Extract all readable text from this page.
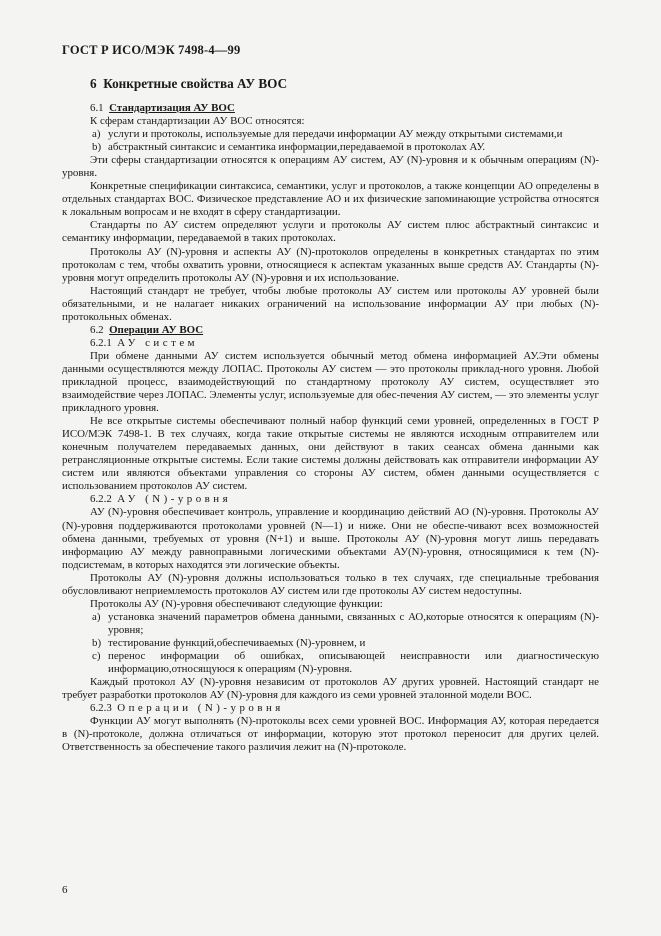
ГОСТ Р ИСО/МЭК 7498-4—99
6 Конкретные свойства АУ ВОС
6.1 Стандартизация АУ ВОС
К сферам стандартизации АУ ВОС относятся:
а) услуги и протоколы, используемые для передачи информации АУ между открытыми системами,и
b) абстрактный синтаксис и семантика информации,передаваемой в протоколах АУ.
Эти сферы стандартизации относятся к операциям АУ систем, АУ (N)-уровня и к обычным операциям (N)-уровня.
Конкретные спецификации синтаксиса, семантики, услуг и протоколов, а также концепции АО определены в отдельных стандартах ВОС. Физическое представление АО и их физические запоминающие устройства относятся к локальным вопросам и не входят в сферу стандартизации.
Стандарты по АУ систем определяют услуги и протоколы АУ систем плюс абстрактный синтаксис и семантику информации, передаваемой в таких протоколах.
Протоколы АУ (N)-уровня и аспекты АУ (N)-протоколов определены в конкретных стандартах по этим протоколам с тем, чтобы охватить уровни, относящиеся к аспектам указанных выше средств АУ. Стандарты (N)-уровня могут определить протоколы АУ (N)-уровня и их использование.
Настоящий стандарт не требует, чтобы любые протоколы АУ систем или протоколы АУ уровней были обязательными, и не налагает никаких ограничений на использование информации АУ при любых (N)-протокольных обменах.
6.2 Операции АУ ВОС
6.2.1 АУ систем
При обмене данными АУ систем используется обычный метод обмена информацией АУ.Эти обмены данными осуществляются между ЛОПАС. Протоколы АУ систем — это протоколы приклад-ного уровня. Любой прикладной процесс, взаимодействующий по стандартному протоколу АУ систем, осуществляет это взаимодействие через ЛОПАС. Элементы услуг, используемые для обес-печения АУ систем, — это элементы услуг прикладного уровня.
Не все открытые системы обеспечивают полный набор функций семи уровней, определенных в ГОСТ Р ИСО/МЭК 7498-1. В тех случаях, когда такие открытые системы не являются исходным отправителем или конечным получателем передаваемых данных, они действуют в таких сеансах обмена данными как ретрансляционные открытые системы. Если такие системы должны действовать как отправители информации АУ систем или являются объектами управления со стороны АУ систем, обмен данными осуществляется с использованием протоколов АУ систем.
6.2.2 АУ (N)-уровня
АУ (N)-уровня обеспечивает контроль, управление и координацию действий АО (N)-уровня. Протоколы АУ (N)-уровня поддерживаются протоколами уровней (N—1) и ниже. Они не обеспе-чивают всех возможностей обмена данными, требуемых от уровня (N+1) и выше. Протоколы АУ (N)-уровня могут лишь передавать информацию АУ между равноправными логическими объектами АУ(N)-уровня, относящимися к тем (N)-подсистемам, в которых находятся эти логические объекты.
Протоколы АУ (N)-уровня должны использоваться только в тех случаях, где специальные требования обусловливают неприемлемость протоколов АУ систем или где протоколы АУ систем недоступны.
Протоколы АУ (N)-уровня обеспечивают следующие функции:
а) установка значений параметров обмена данными, связанных с АО,которые относятся к операциям (N)-уровня;
b) тестирование функций,обеспечиваемых (N)-уровнем, и
с) перенос информации об ошибках, описывающей неисправности или диагностическую информацию,относящуюся к операциям (N)-уровня.
Каждый протокол АУ (N)-уровня независим от протоколов АУ других уровней. Настоящий стандарт не требует разработки протоколов АУ (N)-уровня для каждого из семи уровней эталонной модели ВОС.
6.2.3 Операции (N)-уровня
Функции АУ могут выполнять (N)-протоколы всех семи уровней ВОС. Информация АУ, которая передается в (N)-протоколе, должна отличаться от информации, которую этот протокол переносит для других целей. Ответственность за обеспечение такого различия лежит на (N)-протоколе.
6
